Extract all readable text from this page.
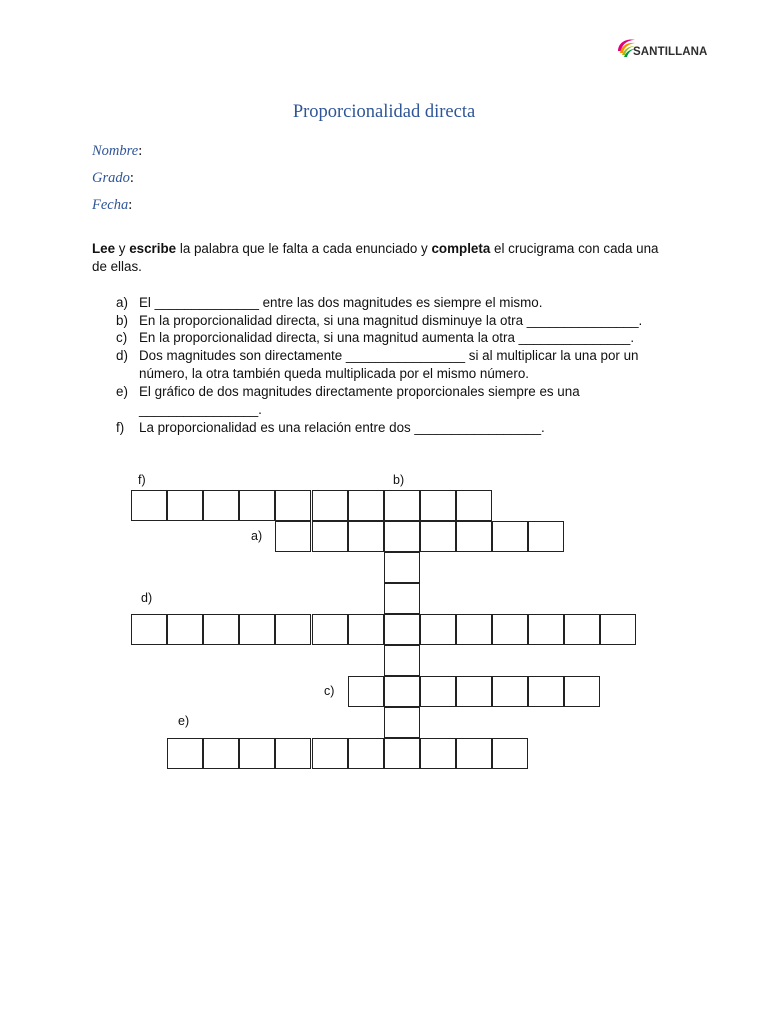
SANTILLANA
Proporcionalidad directa
Nombre:
Grado:
Fecha:
Lee y escribe la palabra que le falta a cada enunciado y completa el crucigrama con cada una de ellas.
a) El ______________ entre las dos magnitudes es siempre el mismo.
b) En la proporcionalidad directa, si una magnitud disminuye la otra _______________.
c) En la proporcionalidad directa, si una magnitud aumenta la otra _______________.
d) Dos magnitudes son directamente ________________ si al multiplicar la una por un
número, la otra también queda multiplicada por el mismo número.
e) El gráfico de dos magnitudes directamente proporcionales siempre es una
________________.
f) La proporcionalidad es una relación entre dos _________________.
f)	b)
a)
d)
c)
e)
